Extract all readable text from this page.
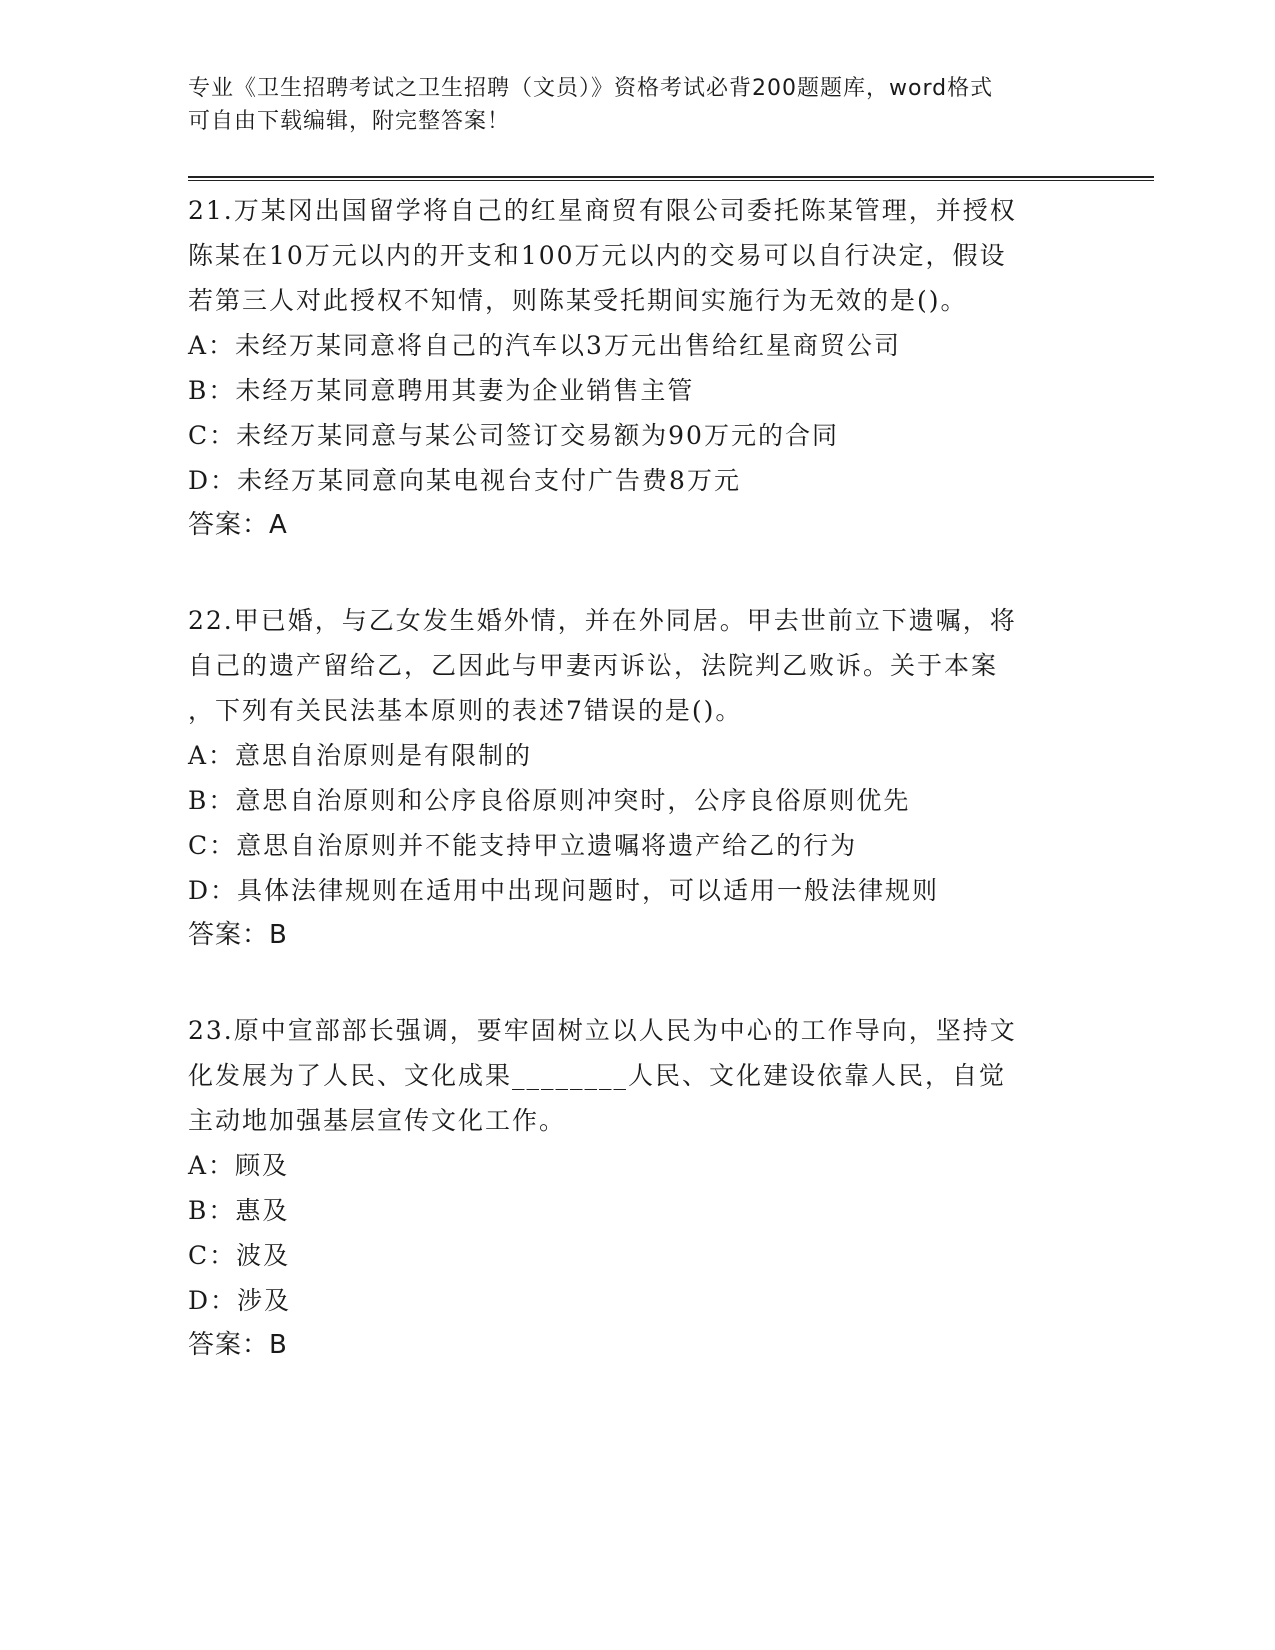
专业《卫生招聘考试之卫生招聘（文员）》资格考试必背200题题库，word格式
可自由下载编辑，附完整答案！
21.万某冈出国留学将自己的红星商贸有限公司委托陈某管理，并授权
陈某在10万元以内的开支和100万元以内的交易可以自行决定，假设
若第三人对此授权不知情，则陈某受托期间实施行为无效的是()。
A：未经万某同意将自己的汽车以3万元出售给红星商贸公司
B：未经万某同意聘用其妻为企业销售主管
C：未经万某同意与某公司签订交易额为90万元的合同
D：未经万某同意向某电视台支付广告费8万元
答案：A
22.甲已婚，与乙女发生婚外情，并在外同居。甲去世前立下遗嘱，将
自己的遗产留给乙，乙因此与甲妻丙诉讼，法院判乙败诉。关于本案
，下列有关民法基本原则的表述7错误的是()。
A：意思自治原则是有限制的
B：意思自治原则和公序良俗原则冲突时，公序良俗原则优先
C：意思自治原则并不能支持甲立遗嘱将遗产给乙的行为
D：具体法律规则在适用中出现问题时，可以适用一般法律规则
答案：B
23.原中宣部部长强调，要牢固树立以人民为中心的工作导向，坚持文
化发展为了人民、文化成果________人民、文化建设依靠人民，自觉
主动地加强基层宣传文化工作。
A：顾及
B：惠及
C：波及
D：涉及
答案：B
